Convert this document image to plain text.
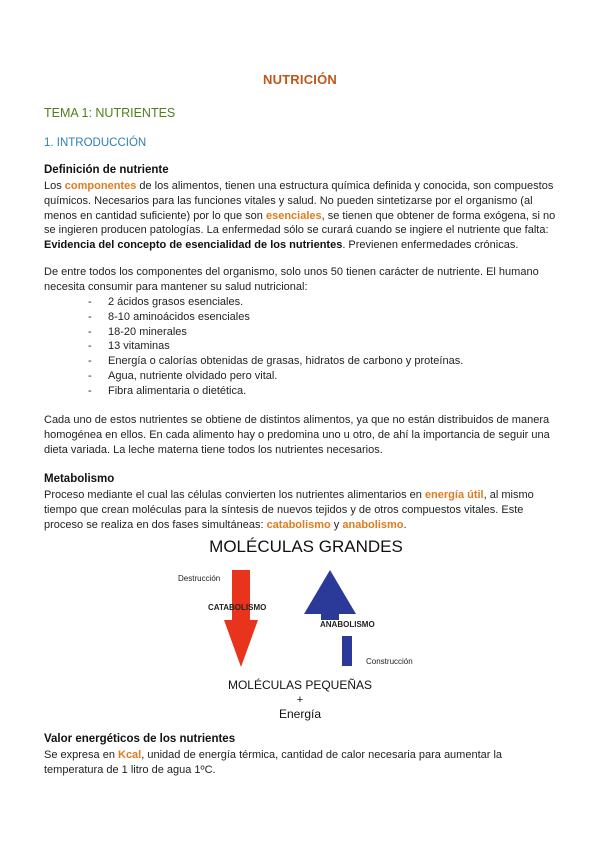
NUTRICIÓN
TEMA 1: NUTRIENTES
1. INTRODUCCIÓN
Definición de nutriente
Los componentes de los alimentos, tienen una estructura química definida y conocida, son compuestos químicos. Necesarios para las funciones vitales y salud. No pueden sintetizarse por el organismo (al menos en cantidad suficiente) por lo que son esenciales, se tienen que obtener de forma exógena, si no se ingieren producen patologías. La enfermedad sólo se curará cuando se ingiere el nutriente que falta: Evidencia del concepto de esencialidad de los nutrientes. Previenen enfermedades crónicas.
De entre todos los componentes del organismo, solo unos 50 tienen carácter de nutriente. El humano necesita consumir para mantener su salud nutricional:
- 2 ácidos grasos esenciales.
- 8-10 aminoácidos esenciales
- 18-20 minerales
- 13 vitaminas
- Energía o calorías obtenidas de grasas, hidratos de carbono y proteínas.
- Agua, nutriente olvidado pero vital.
- Fibra alimentaria o dietética.
Cada uno de estos nutrientes se obtiene de distintos alimentos, ya que no están distribuidos de manera homogénea en ellos. En cada alimento hay o predomina uno u otro, de ahí la importancia de seguir una dieta variada. La leche materna tiene todos los nutrientes necesarios.
Metabolismo
Proceso mediante el cual las células convierten los nutrientes alimentarios en energía útil, al mismo tiempo que crean moléculas para la síntesis de nuevos tejidos y de otros compuestos vitales. Este proceso se realiza en dos fases simultáneas: catabolismo y anabolismo.
MOLÉCULAS GRANDES
Destrucción
CATABOLISMO
ANABOLISMO
Construcción
MOLÉCULAS PEQUEÑAS
+
Energía
Valor energéticos de los nutrientes
Se expresa en Kcal, unidad de energía térmica, cantidad de calor necesaria para aumentar la temperatura de 1 litro de agua 1ºC.
